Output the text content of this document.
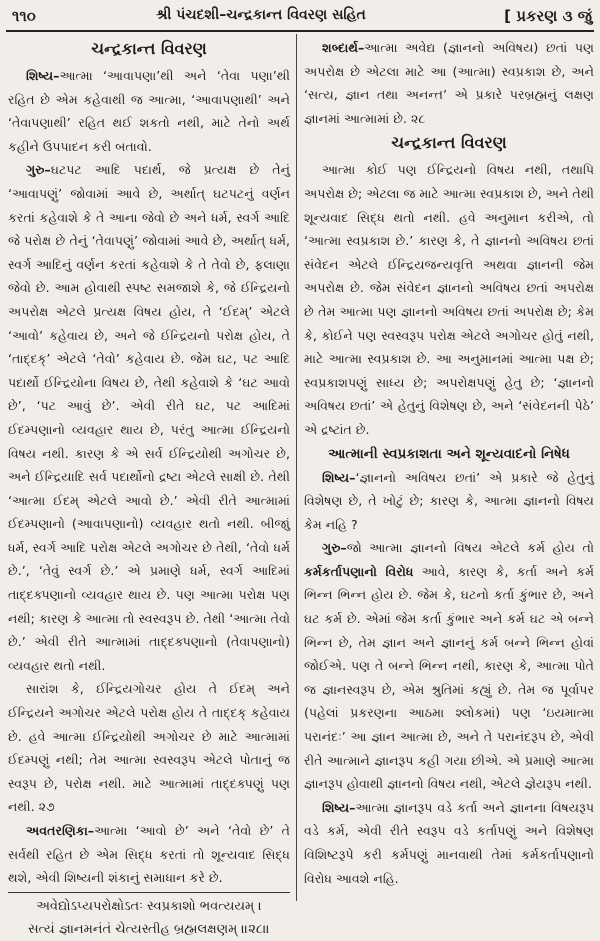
૧૧૦	શ્રી પંચદશી–ચન્દ્રકાન્ત વિવરણ સહિત	[ પ્રકરણ ૩ જું
ચન્દ્રકાન્ત વિવરણ

શિષ્ય–આત્મા ‘આવાપણા’થી અને ‘તેવા પણા’થી રહિત છે એમ કહેવાથી જ આત્મા, ‘આવાપણાથી’ અને ‘તેવાપણાથી’ રહિત થઈ શકતો નથી, માટે તેનો અર્થ કહીને ઉપપાદન કરી બતાવો.

ગુરુ–ઘટપટ આદિ પદાર્થ, જે પ્રત્યક્ષ છે તેનું ‘આવાપણું’ જોવામાં આવે છે, અર્થાત્ ઘટપટનું વર્ણન કરતાં કહેવાશે કે તે આના જેવો છે અને ધર્મ, સ્વર્ગ આદિ જે પરોક્ષ છે તેનું ‘તેવાપણું’ જોવામાં આવે છે, અર્થાત્ ધર્મ, સ્વર્ગ આદિનું વર્ણન કરતાં કહેવાશે કે તે તેવો છે, ફલાણા જેવો છે. આમ હોવાથી સ્પષ્ટ સમજાશે કે, જે ઈન્દ્રિયનો અપરોક્ષ એટલે પ્રત્યક્ષ વિષય હોય, તે ‘ઈદમ્’ એટલે ‘આવો’ કહેવાય છે, અને જે ઈન્દ્રિયનો પરોક્ષ હોય, તે ‘તાદ્દક્’ એટલે ‘તેવો’ કહેવાય છે. જેમ ઘટ, પટ આદિ પદાર્થો ઈન્દ્રિયોના વિષય છે, તેથી કહેવાશે કે ‘ઘટ આવો છે’, ‘પટ આવું છે’. એવી રીતે ઘટ, પટ આદિમાં ઈદમ્પણાનો વ્યવહાર થાય છે, પરંતુ આત્મા ઈન્દ્રિયનો વિષય નથી. કારણ કે એ સર્વ ઈન્દ્રિયોથી અગોચર છે, અને ઈન્દ્રિયાદિ સર્વ પદાર્થોનો દ્રષ્ટા એટલે સાક્ષી છે. તેથી ‘આત્મા ઈદમ્ એટલે આવો છે.’ એવી રીતે આત્મામાં ઈદમ્પણાનો (આવાપણાનો) વ્યવહાર થતો નથી. બીજાું ધર્મ, સ્વર્ગ આદિ પરોક્ષ એટલે અગોચર છે તેથી, ‘તેવો ધર્મ છે.’, ‘તેવું સ્વર્ગ છે.’ એ પ્રમાણે ધર્મ, સ્વર્ગ આદિમાં તાદ્દક્પણાનો વ્યવહાર થાય છે. પણ આત્મા પરોક્ષ પણ નથી; કારણ કે આત્મા તો સ્વસ્વરૂપ છે. તેથી ‘આત્મા તેવો છે.’ એવી રીતે આત્મામાં તાદ્દક્પણાનો (તેવાપણાનો) વ્યવહાર થતો નથી.

સારાંશ કે, ઈન્દ્રિયગોચર હોય તે ઈદમ્ અને ઈન્દ્રિયને અગોચર એટલે પરોક્ષ હોય તે તાદ્દક્ કહેવાય છે. હવે આત્મા ઈન્દ્રિયોથી અગોચર છે માટે આત્મામાં ઈદમ્પણું નથી; તેમ આત્મા સ્વસ્વરૂપ એટલે પોતાનું જ સ્વરૂપ છે, પરોક્ષ નથી. માટે આત્મામાં તાદ્દક્પણું પણ નથી. ૨૭

અવતરણિકા–આત્મા ‘આવો છે’ અને ‘તેવો છે’ તે સર્વથી રહિત છે એમ સિદ્ધ કરતાં તો શૂન્યવાદ સિદ્ધ થશે, એવી શિષ્યની શંકાનું સમાધાન કરે છે.

અવેદ્યોઽપ્યપરોક્ષોઽતઃ સ્વપ્રકાશો ભવત્યયમ્ ।

સત્યં જ્ઞાનમનંતં ચેત્યસ્તીહ બ્રહ્મલક્ષણમ્ ॥૨૮॥

શબ્દાર્થ–આત્મા અવેદ્ય (જ્ઞાનનો અવિષય) છતાં પણ અપરોક્ષ છે એટલા માટે આ (આત્મા) સ્વપ્રકાશ છે, અને ‘સત્ય, જ્ઞાન તથા અનન્ત’ એ પ્રકારે પરબ્રહ્મનું લક્ષણ જ્ઞાનમાં આત્મામાં છે. ૨૮

ચન્દ્રકાન્ત વિવરણ

આત્મા કોઈ પણ ઈન્દ્રિયનો વિષય નથી, તથાપિ અપરોક્ષ છે; એટલા જ માટે આત્મા સ્વપ્રકાશ છે, અને તેથી શૂન્યવાદ સિદ્ધ થતો નથી. હવે અનુમાન કરીએ, તો ‘આત્મા સ્વપ્રકાશ છે.’ કારણ કે, તે જ્ઞાનનો અવિષય છતાં સંવેદન એટલે ઈન્દ્રિયજન્યવૃત્તિ અથવા જ્ઞાનની જેમ અપરોક્ષ છે. જેમ સંવેદન જ્ઞાનનો અવિષય છતાં અપરોક્ષ છે તેમ આત્મા પણ જ્ઞાનનો અવિષય છતાં અપરોક્ષ છે; કેમ કે, કોઈને પણ સ્વસ્વરૂપ પરોક્ષ એટલે અગોચર હોતું નથી, માટે આત્મા સ્વપ્રકાશ છે. આ અનુમાનમાં આત્મા પક્ષ છે; સ્વપ્રકાશપણું સાધ્ય છે; અપરોક્ષપણું હેતુ છે; ‘જ્ઞાનનો અવિષય છતાં’ એ હેતુનું વિશેષણ છે, અને ‘સંવેદનની પેઠે’ એ દ્રષ્ટાંત છે.

આત્માની સ્વપ્રકાશતા અને શૂન્યવાદનો નિષેધ

શિષ્ય–‘જ્ઞાનનો અવિષય છતાં’ એ પ્રકારે જે હેતુનું વિશેષણ છે, તે ખોટું છે; કારણ કે, આત્મા જ્ઞાનનો વિષય કેમ નહિ ?

ગુરુ–જો આત્મા જ્ઞાનનો વિષય એટલે કર્મ હોય તો કર્મકર્તાપણાનો વિરોધ આવે, કારણ કે, કર્તા અને કર્મ ભિન્ન ભિન્ન હોય છે. જેમ કે, ઘટનો કર્તા કુંભાર છે, અને ઘટ કર્મ છે. એમાં જેમ કર્તા કુંભાર અને કર્મ ઘટ એ બન્ને ભિન્ન છે, તેમ જ્ઞાન અને જ્ઞાનનું કર્મ બન્ને ભિન્ન હોવાં જોઈએ. પણ તે બન્ને ભિન્ન નથી, કારણ કે, આત્મા પોતે જ જ્ઞાનસ્વરૂપ છે, એમ શ્રુતિમાં કહ્યું છે. તેમ જ પૂર્વાપર (પહેલાં પ્રકરણના આઠમા શ્લોકમાં) પણ ‘ઇયમાત્મા પરાનંદઃ’ આ જ્ઞાન આત્મા છે, અને તે પરાનંદરૂપ છે, એવી રીતે આત્માને જ્ઞાનરૂપ કહી ગયા છીએ. એ પ્રમાણે આત્મા જ્ઞાનરૂપ હોવાથી જ્ઞાનનો વિષય નથી, એટલે જ્ઞેયરૂપ નથી.

શિષ્ય–આત્મા જ્ઞાનરૂપ વડે કર્તા અને જ્ઞાનના વિષયરૂપ વડે કર્મ, એવી રીતે સ્વરૂપ વડે કર્તાપણું અને વિશેષણ વિશિષ્ટરૂપે કરી કર્મપણું માનવાથી તેમાં કર્મકર્તાપણાનો વિરોધ આવશે નહિ.
